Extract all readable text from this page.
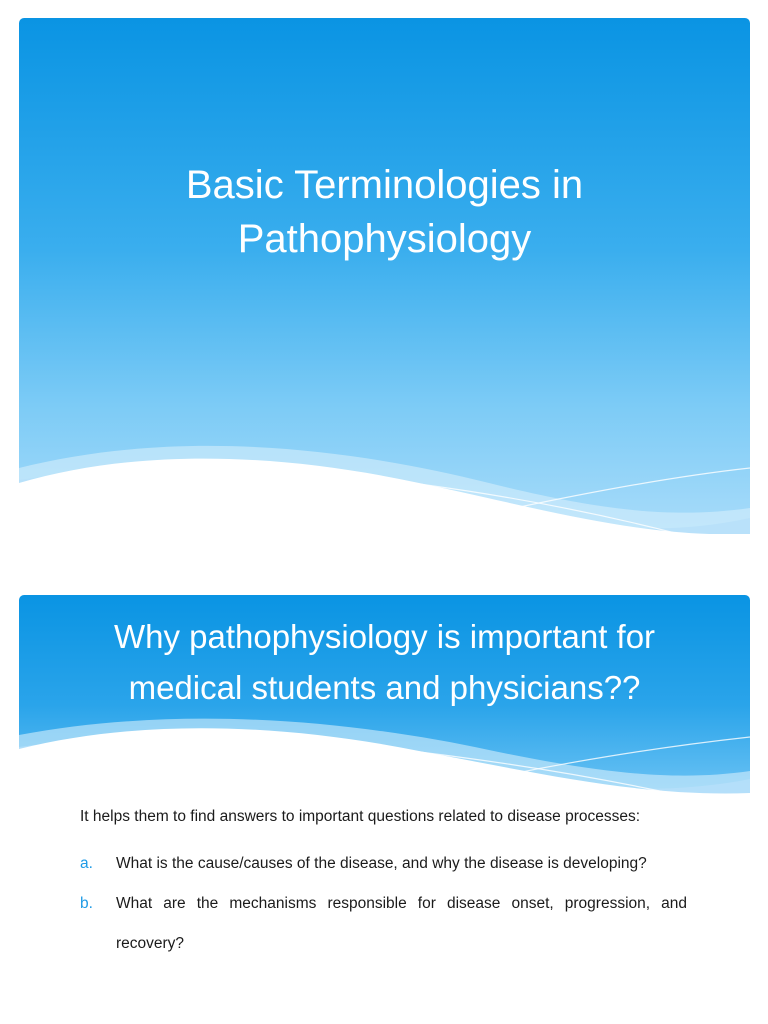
Basic Terminologies in
Pathophysiology
Why pathophysiology is important for
medical students and physicians??

It helps them to find answers to important questions related to disease processes:

a. What is the cause/causes of the disease, and why the disease is developing?
b. What are the mechanisms responsible for disease onset, progression, and recovery?
